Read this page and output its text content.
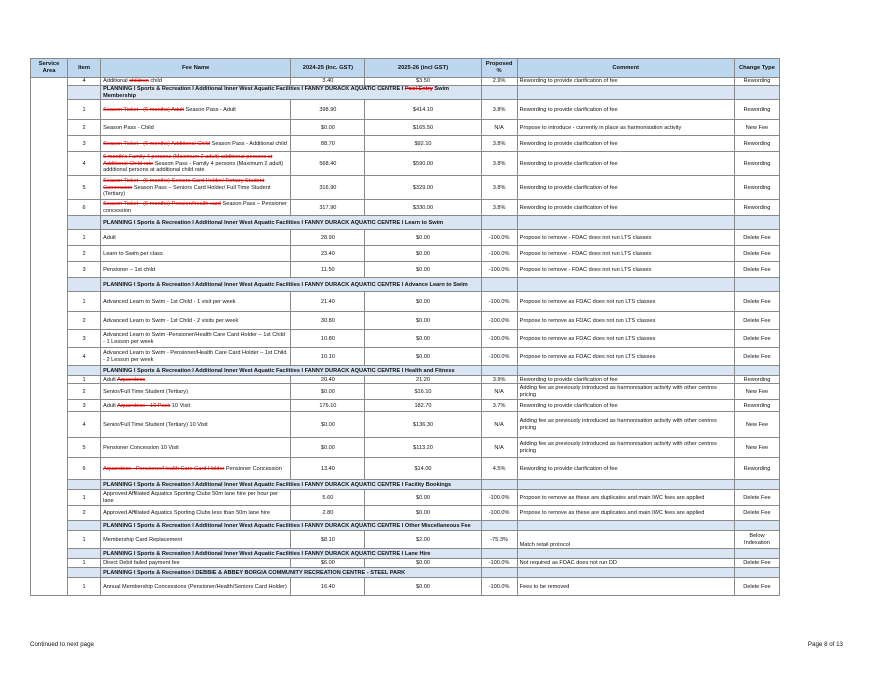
Service Area	Item	Fee Name	2024-25 (Inc. GST)	2025-26 (incl GST)	Proposed %	Comment	Change Type
	4	Additional children child	3.40	$3.50	2.9%	Rewording to provide clarification of fee	Rewording
		PLANNING I Sports & Recreation I Additional Inner West Aquatic Facilities I FANNY DURACK AQUATIC CENTRE I Pool Entry Swim Membership					
	1	Season Ticket - (6 months) Adult Season Pass - Adult	398.90	$414.10	3.8%	Rewording to provide clarification of fee	Rewording
	2	Season Pass - Child	$0.00	$165.50	N/A	Propose to introduce - currently in place as harmonisation activity	New Fee
	3	Season Ticket - (6 months) Additional Child Season Pass - Additional child	88.70	$92.10	3.8%	Rewording to provide clarification of fee	Rewording
	4	6 month's Family 4 persons (Maximum 2 adult) additional persons at Additional Child rate Season Pass - Family 4 persons (Maximum 2 adult) additional persons at additional child rate	568.40	$590.00	3.8%	Rewording to provide clarification of fee	Rewording
	5	Season Ticket - (6 months) Seniors Card Holder/ Tertiary Student Concession Season Pass – Seniors Card Holder/ Full Time Student (Tertiary)	316.90	$329.00	3.8%	Rewording to provide clarification of fee	Rewording
	6	Season Ticket - (6 months) Pension/health card Season Pass – Pensioner concession	317.90	$330.00	3.8%	Rewording to provide clarification of fee	Rewording
		PLANNING I Sports & Recreation I Additional Inner West Aquatic Facilities I FANNY DURACK AQUATIC CENTRE I Learn to Swim					
	1	Adult	28.90	$0.00	-100.0%	Propose to remove - FDAC does not run LTS classes	Delete Fee
	2	Learn to Swim per class	23.40	$0.00	-100.0%	Propose to remove - FDAC does not run LTS classes	Delete Fee
	3	Pensioner – 1st child	11.50	$0.00	-100.0%	Propose to remove - FDAC does not run LTS classes	Delete Fee
		PLANNING I Sports & Recreation I Additional Inner West Aquatic Facilities I FANNY DURACK AQUATIC CENTRE I Advance Learn to Swim					
	1	Advanced Learn to Swim - 1st Child - 1 visit per week	21.40	$0.00	-100.0%	Propose to remove as FDAC does not run LTS classes	Delete Fee
	2	Advanced Learn to Swim - 1st Child - 2 visits per week	30.80	$0.00	-100.0%	Propose to remove as FDAC does not run LTS classes	Delete Fee
	3	Advanced Learn to Swim -Pensioner/Health Care Card Holder – 1st Child - 1 Lesson per week	10.80	$0.00	-100.0%	Propose to remove as FDAC does not run LTS classes	Delete Fee
	4	Advanced Learn to Swim - Pensioner/Health Care Card Holder – 1st Child - 2 Lesson per week	10.10	$0.00	-100.0%	Propose to remove as FDAC does not run LTS classes	Delete Fee
		PLANNING I Sports & Recreation I Additional Inner West Aquatic Facilities I FANNY DURACK AQUATIC CENTRE I Health and Fitness					
	1	Adult Aquarobics	20.40	21.20	3.9%	Rewording to provide clarification of fee	Rewording
	2	Senior/Full Time Student (Tertiary)	$0.00	$16.10	N/A	Adding fee as previously introduced as harmonisation activity with other centres pricing	New Fee
	3	Adult Aquarobics - 10 Pack 10 Visit	176.10	182.70	3.7%	Rewording to provide clarification of fee	Rewording
	4	Senior/Full Time Student (Tertiary) 10 Visit	$0.00	$136.30	N/A	Adding fee as previously introduced as harmonisation activity with other centres pricing	New Fee
	5	Pensioner Concession 10 Visit	$0.00	$113.20	N/A	Adding fee as previously introduced as harmonisation activity with other centres pricing	New Fee
	6	Aquarobics - Pensioner/Health Care Card Holder Pensioner Concession	13.40	$14.00	4.5%	Rewording to provide clarification of fee	Rewording
		PLANNING I Sports & Recreation I Additional Inner West Aquatic Facilities I FANNY DURACK AQUATIC CENTRE I Facility Bookings					
	1	Approved Affiliated Aquatics Sporting Clubs 50m lane hire per hour per lane	5.60	$0.00	-100.0%	Propose to remove as these are duplicates and main IWC fees are applied	Delete Fee
	2	Approved Affiliated Aquatics Sporting Clubs less than 50m lane hire	2.80	$0.00	-100.0%	Propose to remove as these are duplicates and main IWC fees are applied	Delete Fee
		PLANNING I Sports & Recreation I Additional Inner West Aquatic Facilities I FANNY DURACK AQUATIC CENTRE I Other Miscellaneous Fee					
	1	Membership Card Replacement	$8.10	$2.00	-75.3%	Match retail protocol	Below Indexation
		PLANNING I Sports & Recreation I Additional Inner West Aquatic Facilities I FANNY DURACK AQUATIC CENTRE I Lane Hire					
	1	Direct Debit failed payment fee	$6.00	$0.00	-100.0%	Not required as FDAC does not run DD	Delete Fee
		PLANNING I Sports & Recreation I DEBBIE & ABBEY BORGIA COMMUNITY RECREATION CENTRE - STEEL PARK					
	1	Annual Membership Concessions (Pensioner/Health/Seniors Card Holder)	16.40	$0.00	-100.0%	Fees to be removed	Delete Fee
Continued to next page	Page 8 of 13
